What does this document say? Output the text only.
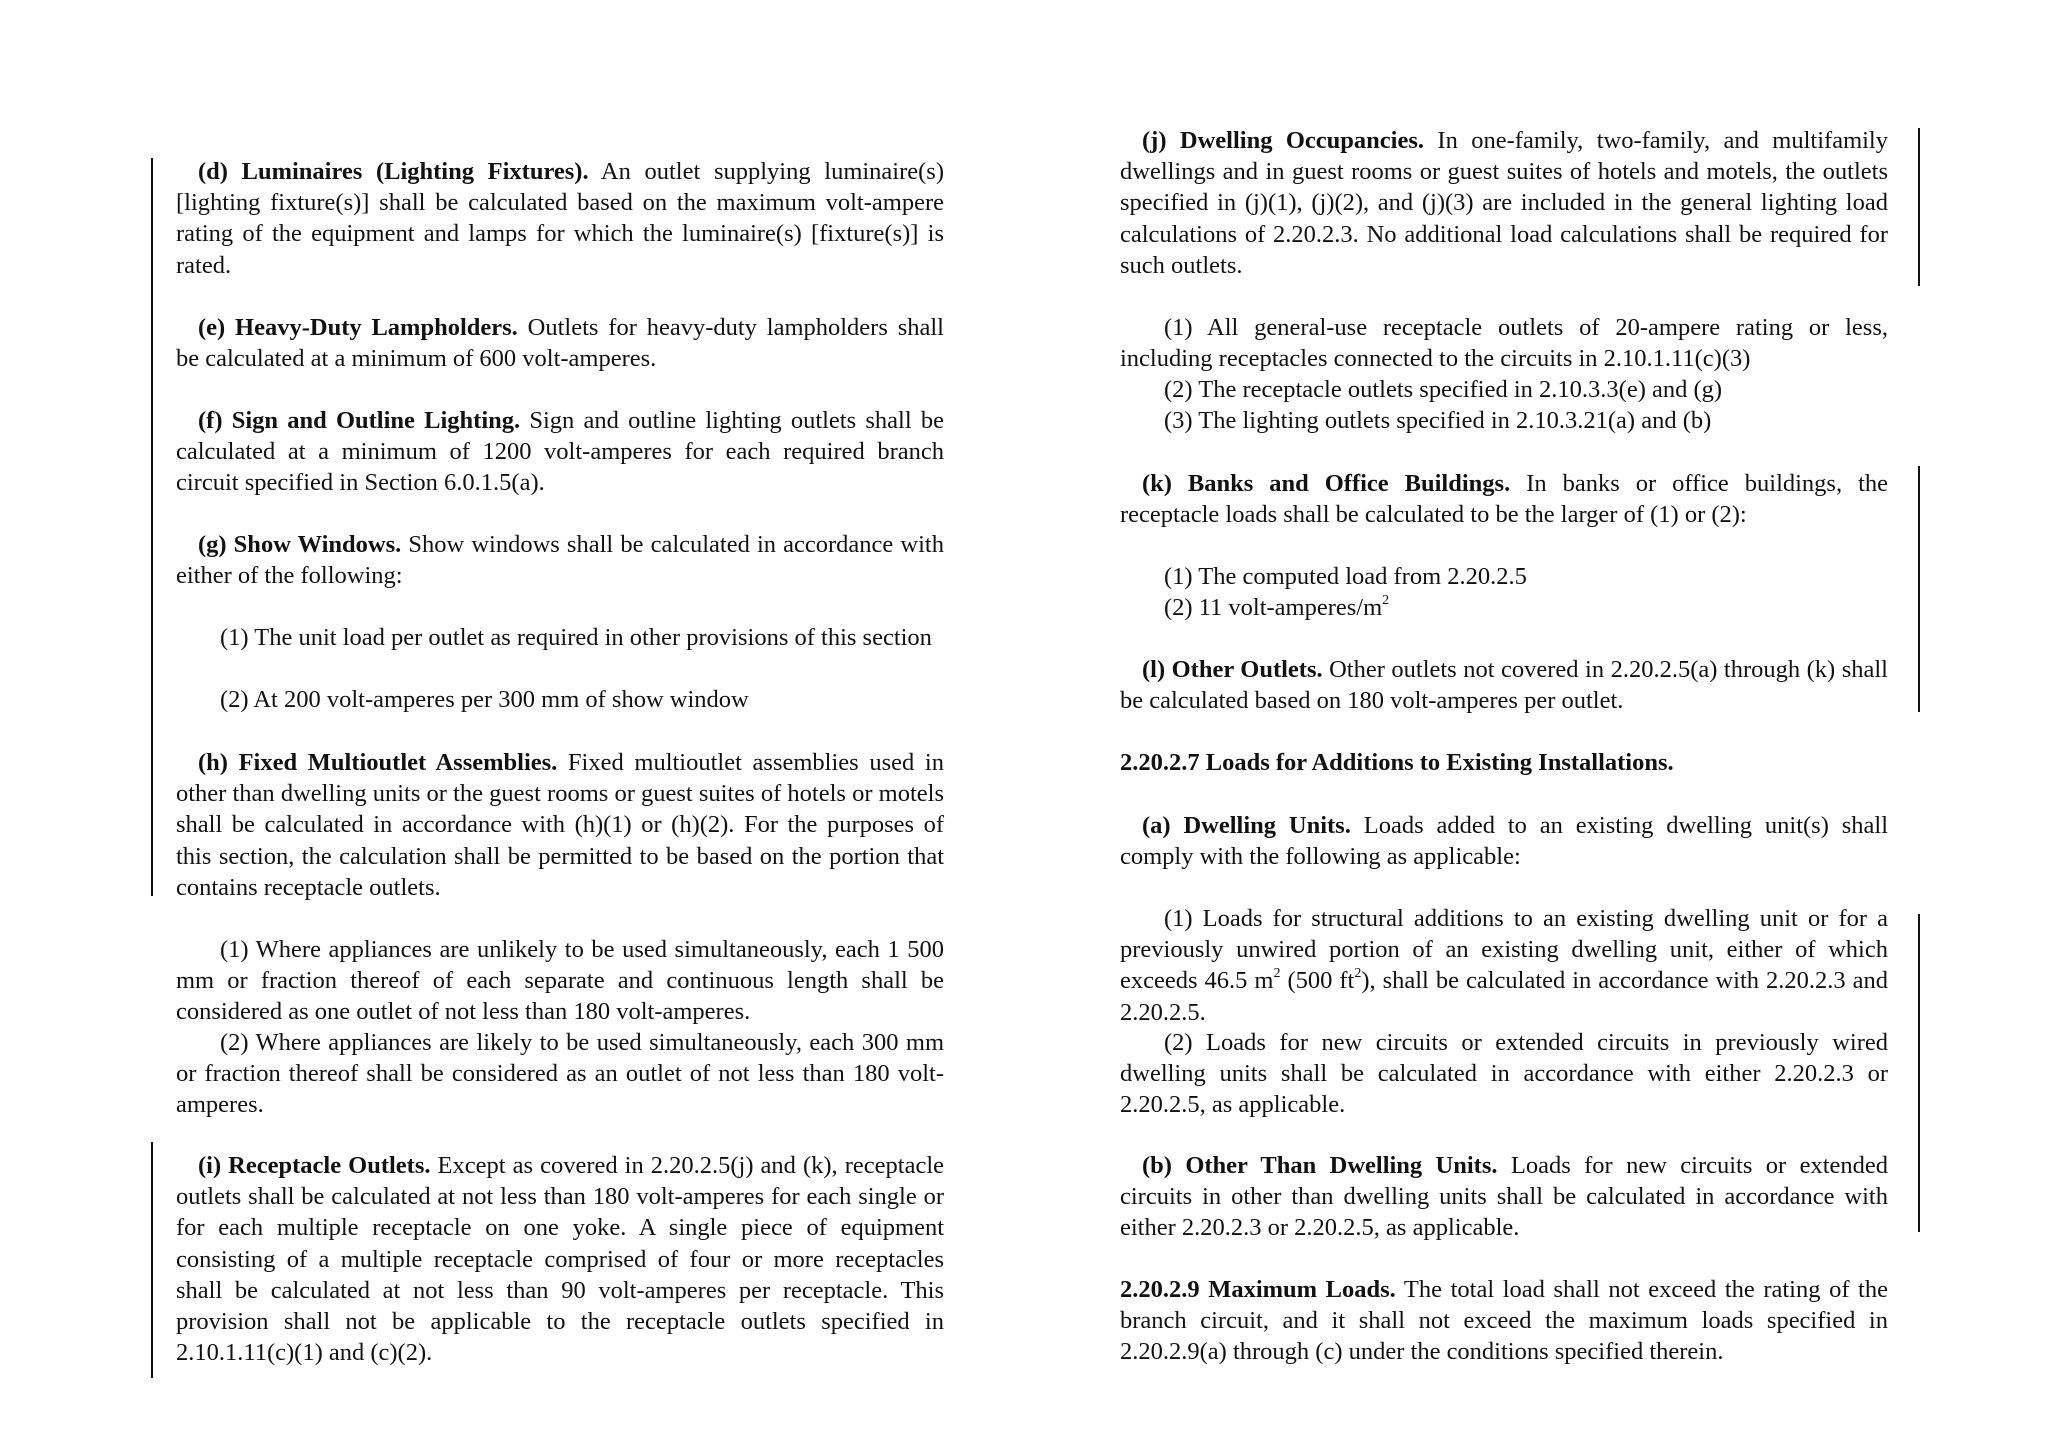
(d) Luminaires (Lighting Fixtures). An outlet supplying luminaire(s) [lighting fixture(s)] shall be calculated based on the maximum volt-ampere rating of the equipment and lamps for which the luminaire(s) [fixture(s)] is rated.

(e) Heavy-Duty Lampholders. Outlets for heavy-duty lampholders shall be calculated at a minimum of 600 volt-amperes.

(f) Sign and Outline Lighting. Sign and outline lighting outlets shall be calculated at a minimum of 1200 volt-amperes for each required branch circuit specified in Section 6.0.1.5(a).

(g) Show Windows. Show windows shall be calculated in accordance with either of the following:

(1) The unit load per outlet as required in other provisions of this section

(2) At 200 volt-amperes per 300 mm of show window

(h) Fixed Multioutlet Assemblies. Fixed multioutlet assemblies used in other than dwelling units or the guest rooms or guest suites of hotels or motels shall be calculated in accordance with (h)(1) or (h)(2). For the purposes of this section, the calculation shall be permitted to be based on the portion that contains receptacle outlets.

(1) Where appliances are unlikely to be used simultaneously, each 1 500 mm or fraction thereof of each separate and continuous length shall be considered as one outlet of not less than 180 volt-amperes.

(2) Where appliances are likely to be used simultaneously, each 300 mm or fraction thereof shall be considered as an outlet of not less than 180 volt-amperes.

(i) Receptacle Outlets. Except as covered in 2.20.2.5(j) and (k), receptacle outlets shall be calculated at not less than 180 volt-amperes for each single or for each multiple receptacle on one yoke. A single piece of equipment consisting of a multiple receptacle comprised of four or more receptacles shall be calculated at not less than 90 volt-amperes per receptacle. This provision shall not be applicable to the receptacle outlets specified in 2.10.1.11(c)(1) and (c)(2).

(j) Dwelling Occupancies. In one-family, two-family, and multifamily dwellings and in guest rooms or guest suites of hotels and motels, the outlets specified in (j)(1), (j)(2), and (j)(3) are included in the general lighting load calculations of 2.20.2.3. No additional load calculations shall be required for such outlets.

(1) All general-use receptacle outlets of 20-ampere rating or less, including receptacles connected to the circuits in 2.10.1.11(c)(3)

(2) The receptacle outlets specified in 2.10.3.3(e) and (g)

(3) The lighting outlets specified in 2.10.3.21(a) and (b)

(k) Banks and Office Buildings. In banks or office buildings, the receptacle loads shall be calculated to be the larger of (1) or (2):

(1) The computed load from 2.20.2.5

(2) 11 volt-$amperes/m^2$

(l) Other Outlets. Other outlets not covered in 2.20.2.5(a) through (k) shall be calculated based on 180 volt-amperes per outlet.

2.20.2.7 Loads for Additions to Existing Installations.

(a) Dwelling Units. Loads added to an existing dwelling unit(s) shall comply with the following as applicable:

(1) Loads for structural additions to an existing dwelling unit or for a previously unwired portion of an existing dwelling unit, either of which exceeds 46.5 $m^2$ (500 $ft^2$), shall be calculated in accordance with 2.20.2.3 and 2.20.2.5.

(2) Loads for new circuits or extended circuits in previously wired dwelling units shall be calculated in accordance with either 2.20.2.3 or 2.20.2.5, as applicable.

(b) Other Than Dwelling Units. Loads for new circuits or extended circuits in other than dwelling units shall be calculated in accordance with either 2.20.2.3 or 2.20.2.5, as applicable.

2.20.2.9 Maximum Loads. The total load shall not exceed the rating of the branch circuit, and it shall not exceed the maximum loads specified in 2.20.2.9(a) through (c) under the conditions specified therein.
